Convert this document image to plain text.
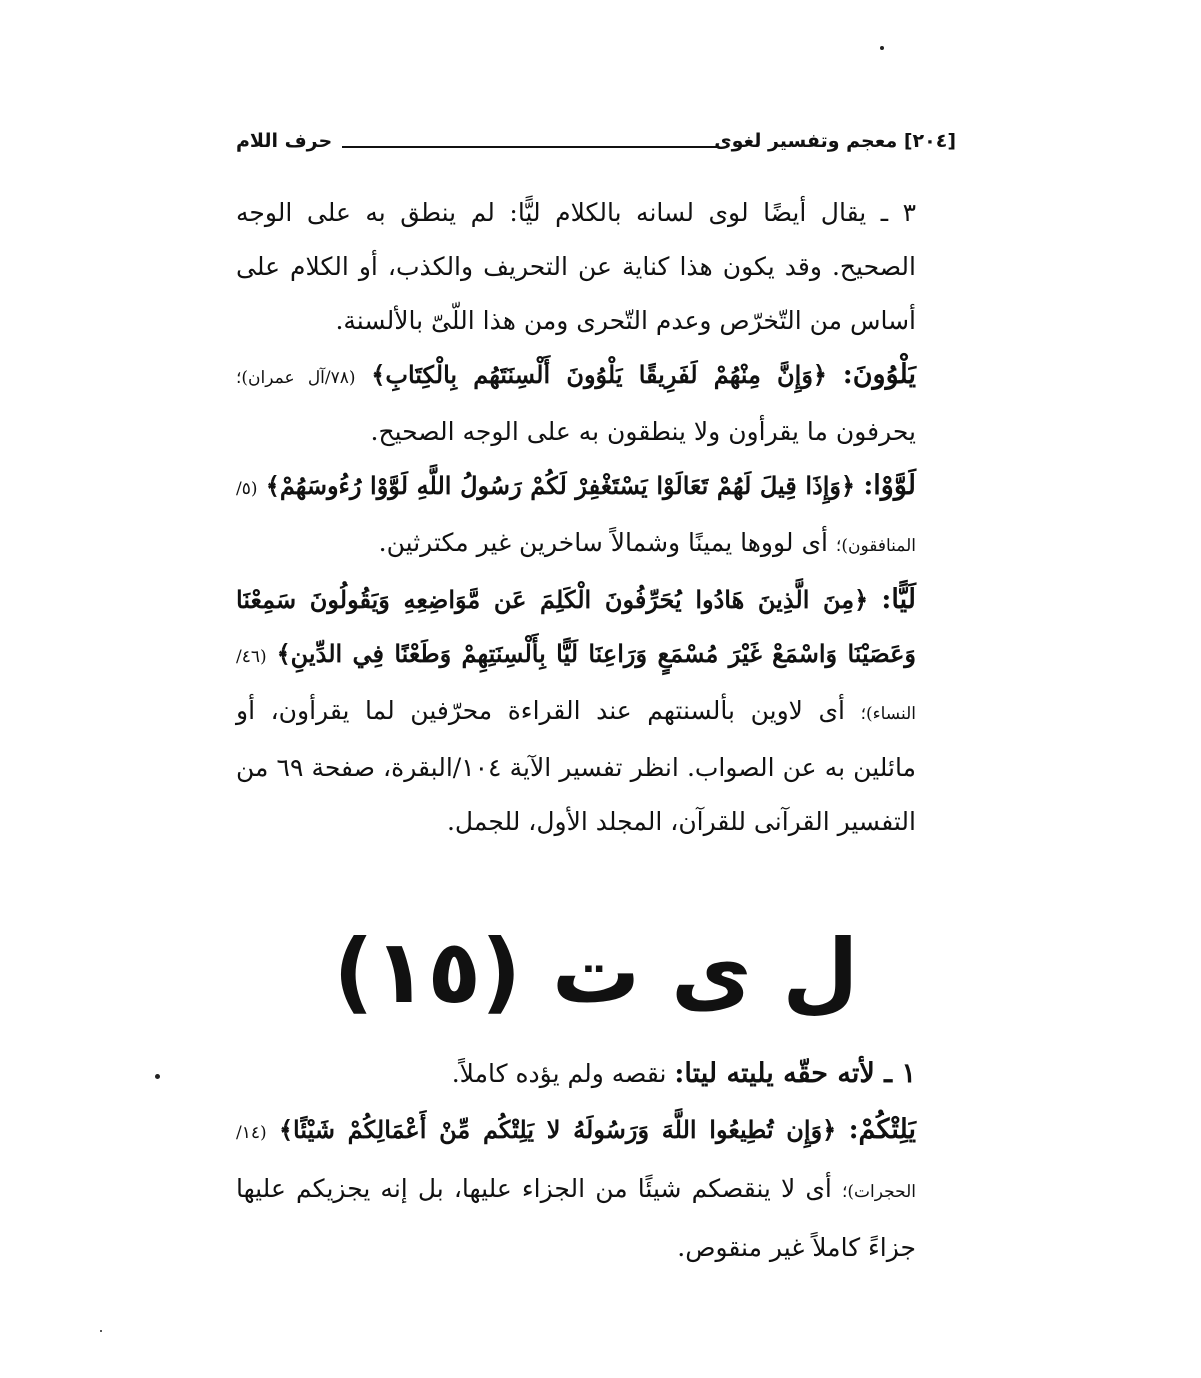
[٢٠٤] معجم وتفسير لغوى
حرف اللام

٣ ـ يقال أيضًا لوى لسانه بالكلام ليًّا: لم ينطق به على الوجه الصحيح. وقد يكون هذا كناية عن التحريف والكذب، أو الكلام على أساس من التّخرّص وعدم التّحرى ومن هذا اللّىّ بالألسنة.

يَلْوُونَ: ﴿وَإِنَّ مِنْهُمْ لَفَرِيقًا يَلْوُونَ أَلْسِنَتَهُم بِالْكِتَابِ﴾ (٧٨/آل عمران)؛ يحرفون ما يقرأون ولا ينطقون به على الوجه الصحيح.

لَوَّوْا: ﴿وَإِذَا قِيلَ لَهُمْ تَعَالَوْا يَسْتَغْفِرْ لَكُمْ رَسُولُ اللَّهِ لَوَّوْا رُءُوسَهُمْ﴾ (٥/المنافقون)؛ أى لووها يمينًا وشمالاً ساخرين غير مكترثين.

لَيًّا: ﴿مِنَ الَّذِينَ هَادُوا يُحَرِّفُونَ الْكَلِمَ عَن مَّوَاضِعِهِ وَيَقُولُونَ سَمِعْنَا وَعَصَيْنَا وَاسْمَعْ غَيْرَ مُسْمَعٍ وَرَاعِنَا لَيًّا بِأَلْسِنَتِهِمْ وَطَعْنًا فِي الدِّينِ﴾ (٤٦/النساء)؛ أى لاوين بألسنتهم عند القراءة محرّفين لما يقرأون، أو مائلين به عن الصواب. انظر تفسير الآية ١٠٤/البقرة، صفحة ٦٩ من التفسير القرآنى للقرآن، المجلد الأول، للجمل.

ل ى ت (١٥)

١ ـ لأته حقّه يليته ليتا: نقصه ولم يؤده كاملاً.

يَلِتْكُمْ: ﴿وَإِن تُطِيعُوا اللَّهَ وَرَسُولَهُ لا يَلِتْكُم مِّنْ أَعْمَالِكُمْ شَيْئًا﴾ (١٤/الحجرات)؛ أى لا ينقصكم شيئًا من الجزاء عليها، بل إنه يجزيكم عليها جزاءً كاملاً غير منقوص.
